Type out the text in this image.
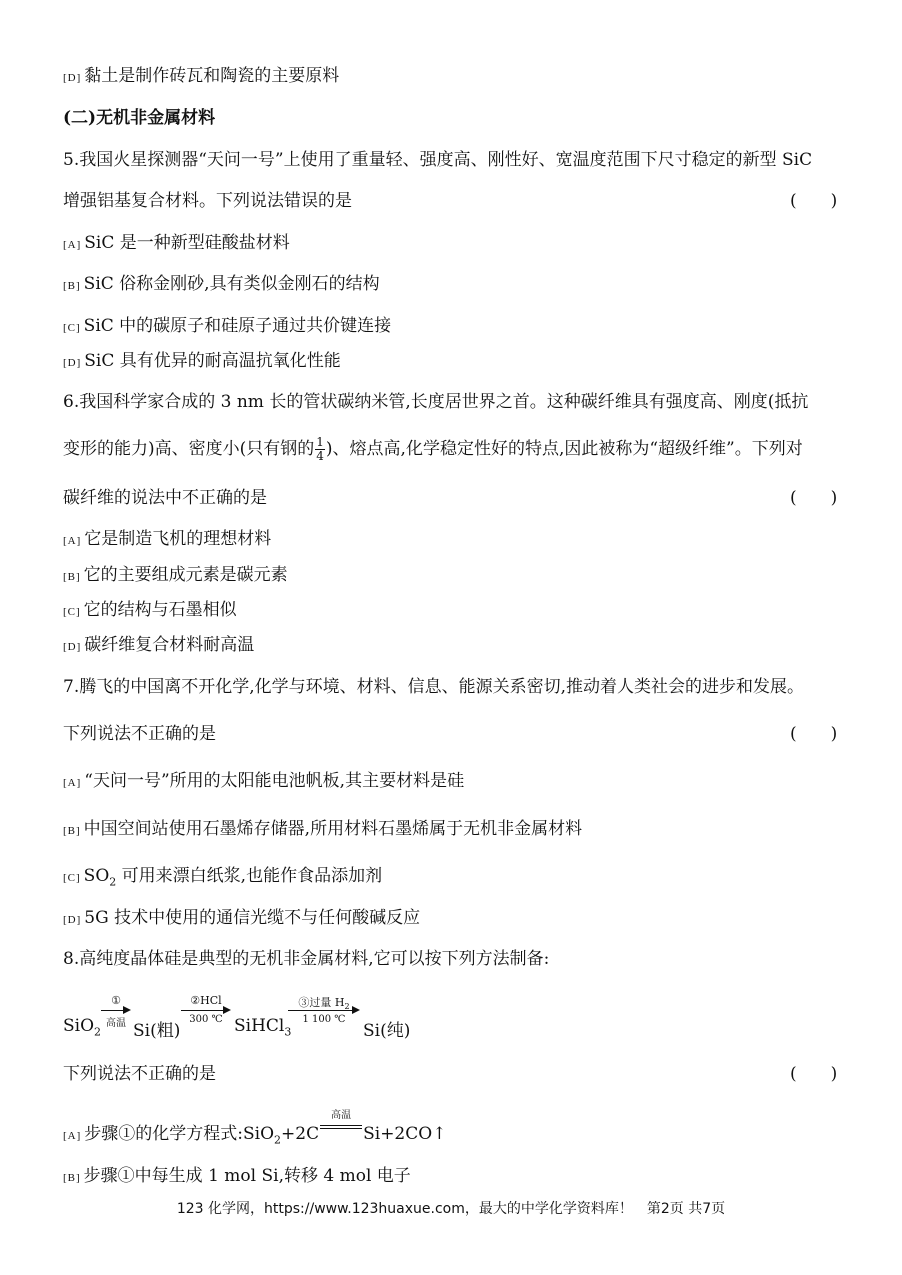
[D] 黏土是制作砖瓦和陶瓷的主要原料
(二)无机非金属材料
5.我国火星探测器“天问一号”上使用了重量轻、强度高、刚性好、宽温度范围下尺寸稳定的新型 SiC
增强铝基复合材料。下列说法错误的是	(　　)
[A] SiC 是一种新型硅酸盐材料
[B] SiC 俗称金刚砂,具有类似金刚石的结构
[C] SiC 中的碳原子和硅原子通过共价键连接
[D] SiC 具有优异的耐高温抗氧化性能
6.我国科学家合成的 3 nm 长的管状碳纳米管,长度居世界之首。这种碳纤维具有强度高、刚度(抵抗
变形的能力)高、密度小(只有钢的 $\frac{1}{4}$ )、熔点高,化学稳定性好的特点,因此被称为“超级纤维”。下列对
碳纤维的说法中不正确的是	(　　)
[A] 它是制造飞机的理想材料
[B] 它的主要组成元素是碳元素
[C] 它的结构与石墨相似
[D] 碳纤维复合材料耐高温
7.腾飞的中国离不开化学,化学与环境、材料、信息、能源关系密切,推动着人类社会的进步和发展。
下列说法不正确的是	(　　)
[A] “天问一号”所用的太阳能电池帆板,其主要材料是硅
[B] 中国空间站使用石墨烯存储器,所用材料石墨烯属于无机非金属材料
[C] $SO_2$ 可用来漂白纸浆,也能作食品添加剂
[D] 5G 技术中使用的通信光缆不与任何酸碱反应
8.高纯度晶体硅是典型的无机非金属材料,它可以按下列方法制备:
SiO$_2$
①
高温 Si(粗)
②HCl
300 ℃ SiHCl$_3$
③过量 $H_2$
1 100 ℃
Si(纯)
下列说法不正确的是	(　　)
[A] 步骤①的化学方程式:SiO$_2$+2C
高温
Si+2CO↑
[B] 步骤①中每生成 1 mol Si,转移 4 mol 电子
123 化学网，https://www.123huaxue.com，最大的中学化学资料库！　第2页 共7页
